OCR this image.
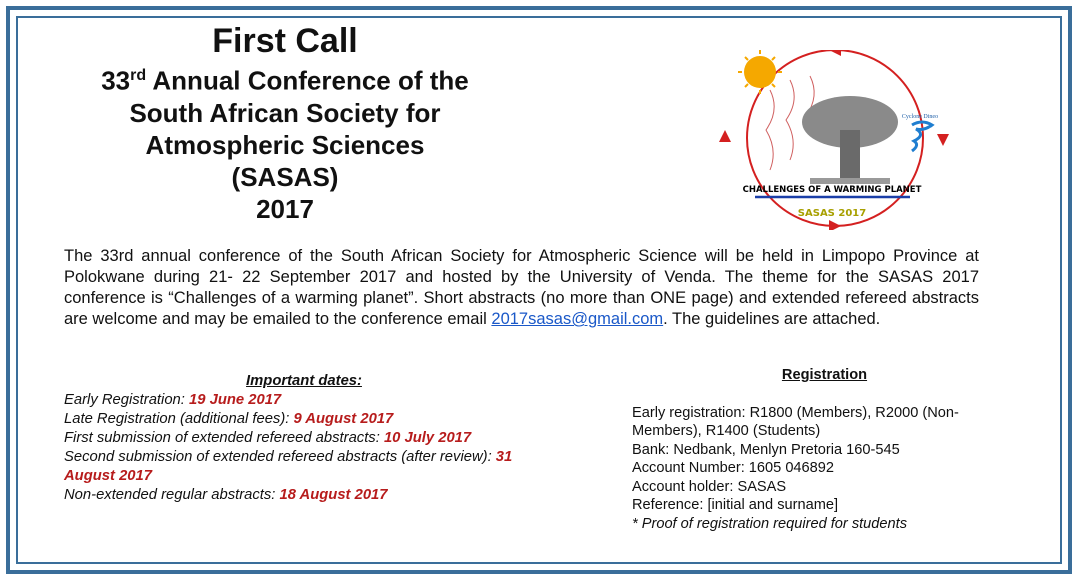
First Call
33rd Annual Conference of the
South African Society for
Atmospheric Sciences
(SASAS)
2017
Cyclone Dineo
CHALLENGES OF A WARMING PLANET
SASAS 2017
The 33rd annual conference of the South African Society for Atmospheric Science will be held in Limpopo Province at Polokwane during 21- 22 September 2017 and hosted by the University of Venda. The theme for the SASAS 2017 conference is “Challenges of a warming planet”. Short abstracts (no more than ONE page) and extended refereed abstracts are welcome and may be emailed to the conference email 2017sasas@gmail.com. The guidelines are attached.
Important dates:
Early Registration: 19 June 2017
Late Registration (additional fees): 9 August 2017
First submission of extended refereed abstracts: 10 July 2017
Second submission of extended refereed abstracts (after review): 31 August 2017
Non-extended regular abstracts: 18 August 2017
Registration
Early registration: R1800 (Members), R2000 (Non-Members), R1400 (Students)
Bank: Nedbank, Menlyn Pretoria 160-545
Account Number: 1605 046892
Account holder: SASAS
Reference: [initial and surname]
* Proof of registration required for students
